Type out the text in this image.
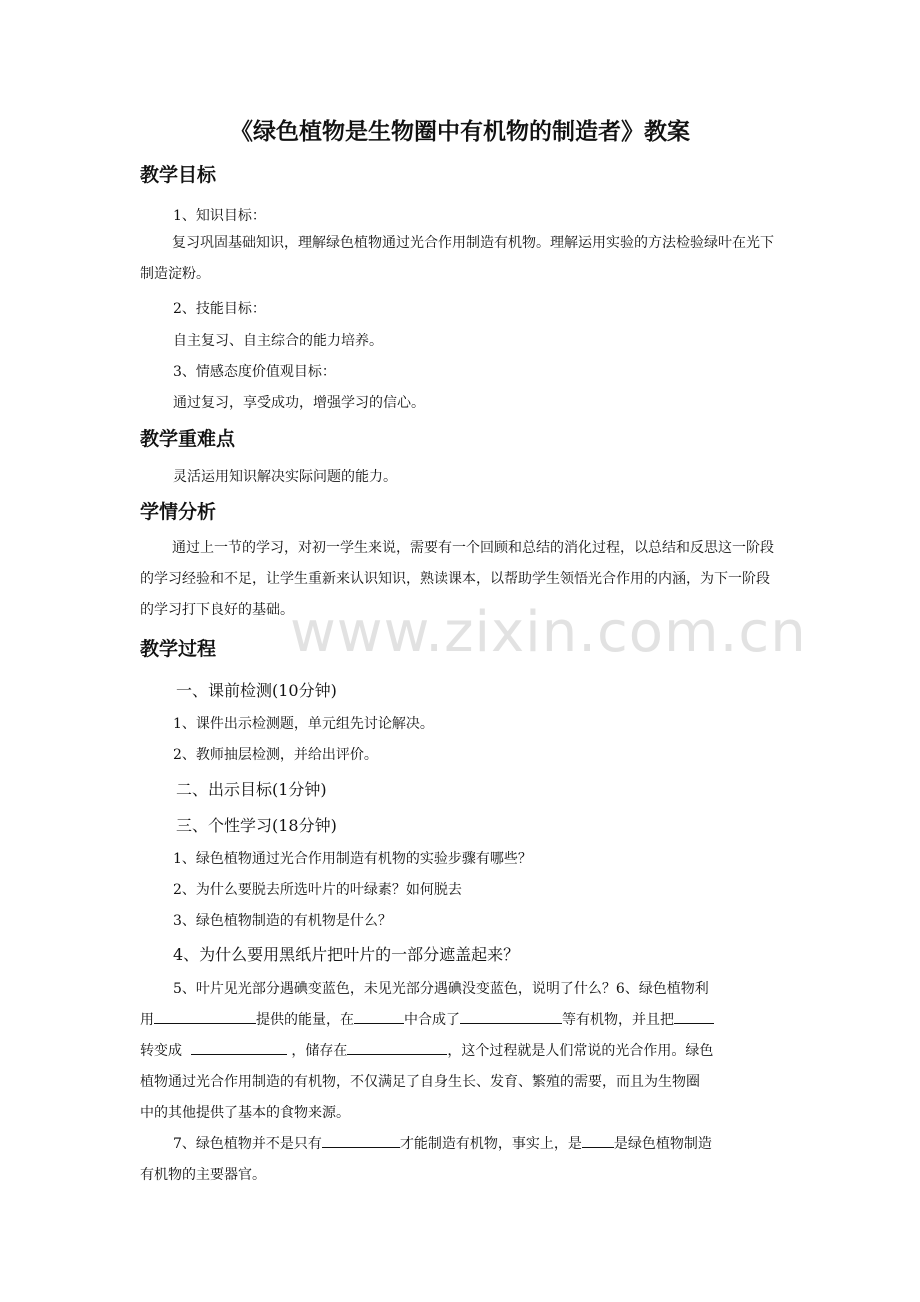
《绿色植物是生物圈中有机物的制造者》教案
教学目标
1、知识目标：
复习巩固基础知识，理解绿色植物通过光合作用制造有机物。理解运用实验的方法检验绿叶在光下制造淀粉。
2、技能目标：
自主复习、自主综合的能力培养。
3、情感态度价值观目标：
通过复习，享受成功，增强学习的信心。
教学重难点
灵活运用知识解决实际问题的能力。
学情分析
通过上一节的学习，对初一学生来说，需要有一个回顾和总结的消化过程，以总结和反思这一阶段的学习经验和不足，让学生重新来认识知识，熟读课本，以帮助学生领悟光合作用的内涵，为下一阶段的学习打下良好的基础。
教学过程
一、课前检测(10分钟)
1、课件出示检测题，单元组先讨论解决。
2、教师抽层检测，并给出评价。
二、出示目标(1分钟)
三、个性学习(18分钟)
1、绿色植物通过光合作用制造有机物的实验步骤有哪些？
2、为什么要脱去所选叶片的叶绿素？如何脱去
3、绿色植物制造的有机物是什么？
4、为什么要用黑纸片把叶片的一部分遮盖起来？
5、叶片见光部分遇碘变蓝色，未见光部分遇碘没变蓝色，说明了什么？6、绿色植物利
用	提供的能量，在	中合成了	等有机物，并且把
转变成	，储存在	，这个过程就是人们常说的光合作用。绿色
植物通过光合作用制造的有机物，不仅满足了自身生长、发育、繁殖的需要，而且为生物圈
中的其他提供了基本的食物来源。
7、绿色植物并不是只有	才能制造有机物，事实上，是 是绿色植物制造
有机物的主要器官。
www.zixin.com.cn
